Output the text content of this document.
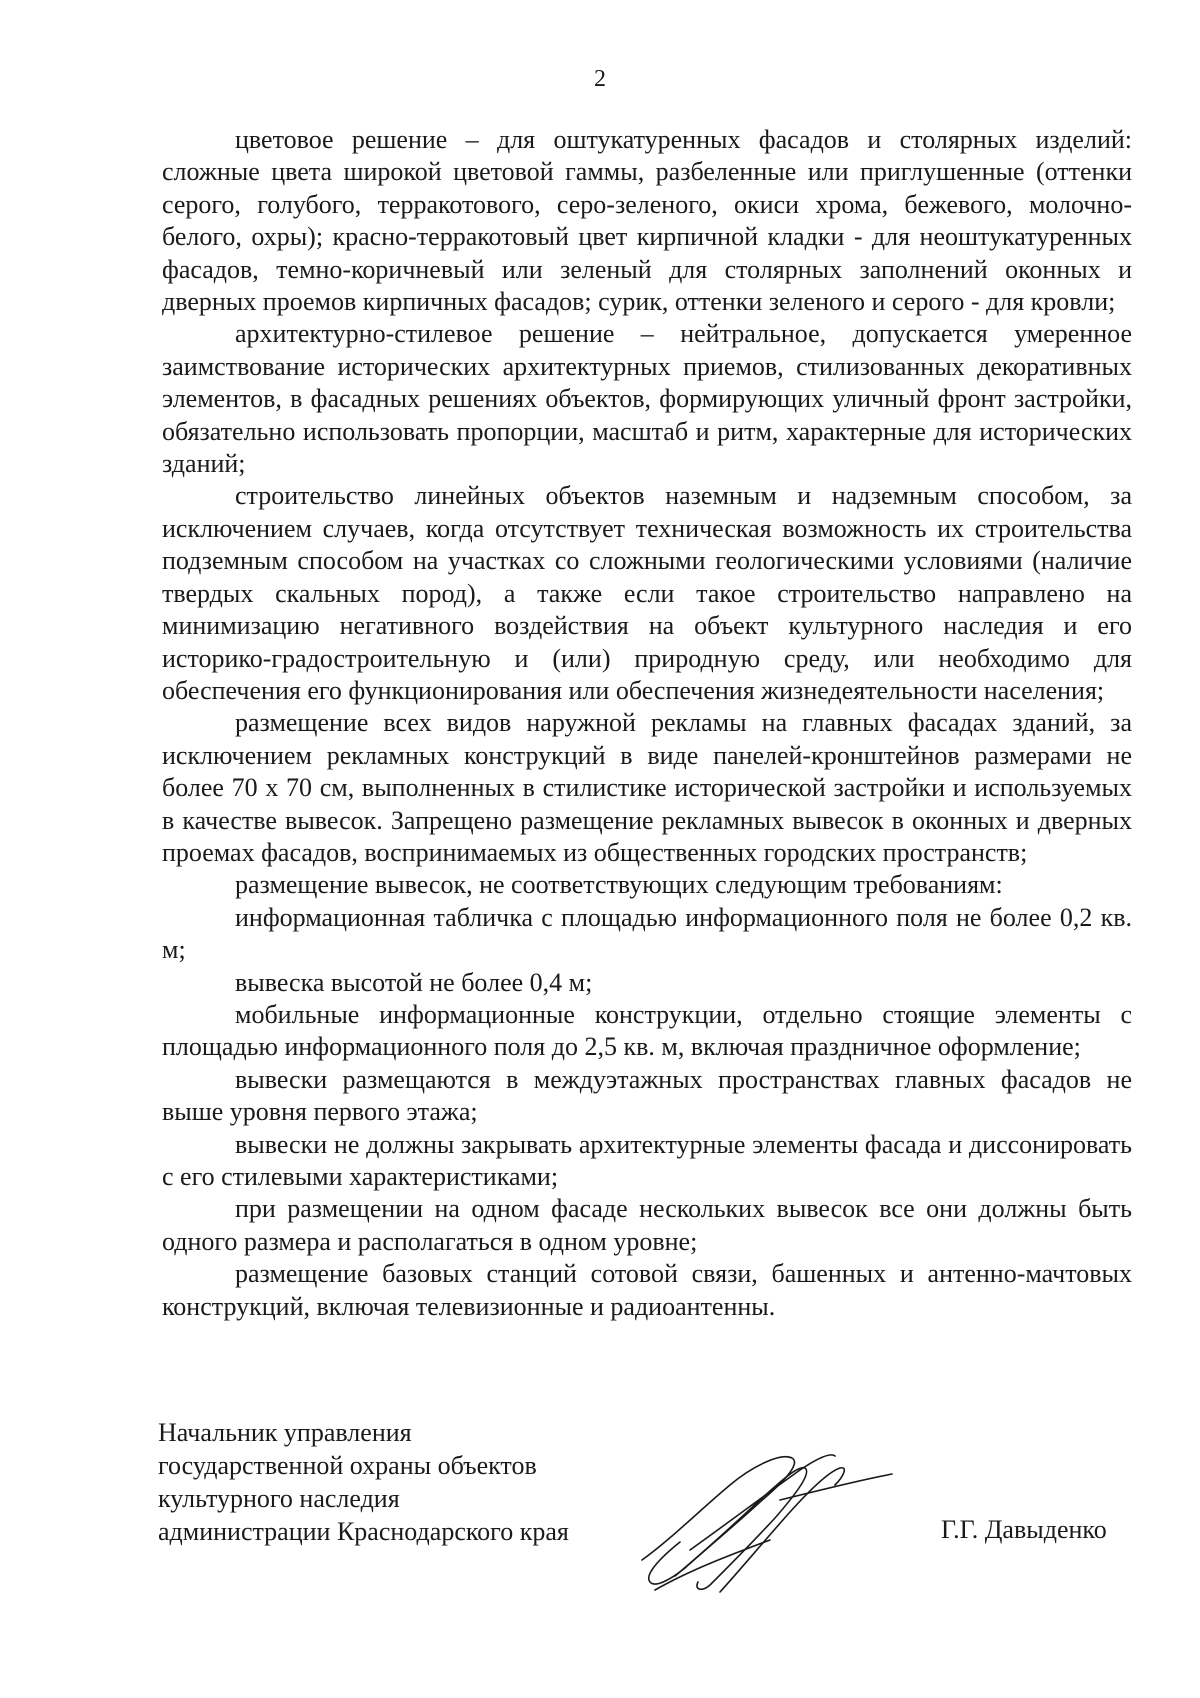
2

цветовое решение – для оштукатуренных фасадов и столярных изделий: сложные цвета широкой цветовой гаммы, разбеленные или приглушенные (оттенки серого, голубого, терракотового, серо-зеленого, окиси хрома, бежевого, молочно-белого, охры); красно-терракотовый цвет кирпичной кладки - для неоштукатуренных фасадов, темно-коричневый или зеленый для столярных заполнений оконных и дверных проемов кирпичных фасадов; сурик, оттенки зеленого и серого - для кровли;

архитектурно-стилевое решение – нейтральное, допускается умеренное заимствование исторических архитектурных приемов, стилизованных декоративных элементов, в фасадных решениях объектов, формирующих уличный фронт застройки, обязательно использовать пропорции, масштаб и ритм, характерные для исторических зданий;

строительство линейных объектов наземным и надземным способом, за исключением случаев, когда отсутствует техническая возможность их строительства подземным способом на участках со сложными геологическими условиями (наличие твердых скальных пород), а также если такое строительство направлено на минимизацию негативного воздействия на объект культурного наследия и его историко-градостроительную и (или) природную среду, или необходимо для обеспечения его функционирования или обеспечения жизнедеятельности населения;

размещение всех видов наружной рекламы на главных фасадах зданий, за исключением рекламных конструкций в виде панелей-кронштейнов размерами не более 70 х 70 см, выполненных в стилистике исторической застройки и используемых в качестве вывесок. Запрещено размещение рекламных вывесок в оконных и дверных проемах фасадов, воспринимаемых из общественных городских пространств;

размещение вывесок, не соответствующих следующим требованиям:

информационная табличка с площадью информационного поля не более 0,2 кв. м;

вывеска высотой не более 0,4 м;

мобильные информационные конструкции, отдельно стоящие элементы с площадью информационного поля до 2,5 кв. м, включая праздничное оформление;

вывески размещаются в междуэтажных пространствах главных фасадов не выше уровня первого этажа;

вывески не должны закрывать архитектурные элементы фасада и диссонировать с его стилевыми характеристиками;

при размещении на одном фасаде нескольких вывесок все они должны быть одного размера и располагаться в одном уровне;

размещение базовых станций сотовой связи, башенных и антенно-мачтовых конструкций, включая телевизионные и радиоантенны.

Начальник управления
государственной охраны объектов
культурного наследия
администрации Краснодарского края	Г.Г. Давыденко
